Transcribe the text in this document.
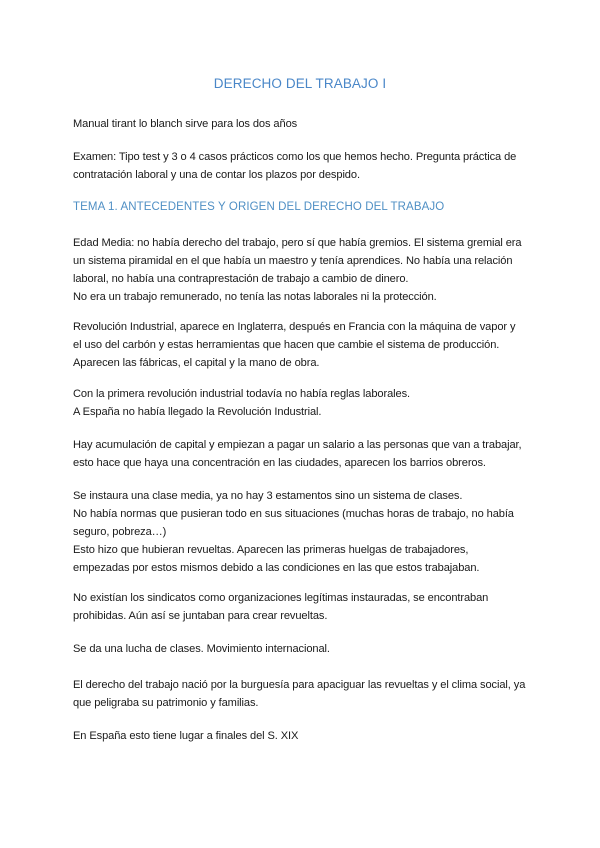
DERECHO DEL TRABAJO I
Manual tirant lo blanch sirve para los dos años
Examen: Tipo test y 3 o 4 casos prácticos como los que hemos hecho. Pregunta práctica de
contratación laboral y una de contar los plazos por despido.
TEMA 1. ANTECEDENTES Y ORIGEN DEL DERECHO DEL TRABAJO
Edad Media: no había derecho del trabajo, pero sí que había gremios. El sistema gremial era
un sistema piramidal en el que había un maestro y tenía aprendices. No había una relación
laboral, no había una contraprestación de trabajo a cambio de dinero.
No era un trabajo remunerado, no tenía las notas laborales ni la protección.
Revolución Industrial, aparece en Inglaterra, después en Francia con la máquina de vapor y
el uso del carbón y estas herramientas que hacen que cambie el sistema de producción.
Aparecen las fábricas, el capital y la mano de obra.
Con la primera revolución industrial todavía no había reglas laborales.
A España no había llegado la Revolución Industrial.
Hay acumulación de capital y empiezan a pagar un salario a las personas que van a trabajar,
esto hace que haya una concentración en las ciudades, aparecen los barrios obreros.
Se instaura una clase media, ya no hay 3 estamentos sino un sistema de clases.
No había normas que pusieran todo en sus situaciones (muchas horas de trabajo, no había
seguro, pobreza…)
Esto hizo que hubieran revueltas. Aparecen las primeras huelgas de trabajadores,
empezadas por estos mismos debido a las condiciones en las que estos trabajaban.
No existían los sindicatos como organizaciones legítimas instauradas, se encontraban
prohibidas. Aún así se juntaban para crear revueltas.
Se da una lucha de clases. Movimiento internacional.
El derecho del trabajo nació por la burguesía para apaciguar las revueltas y el clima social, ya
que peligraba su patrimonio y familias.
En España esto tiene lugar a finales del S. XIX
